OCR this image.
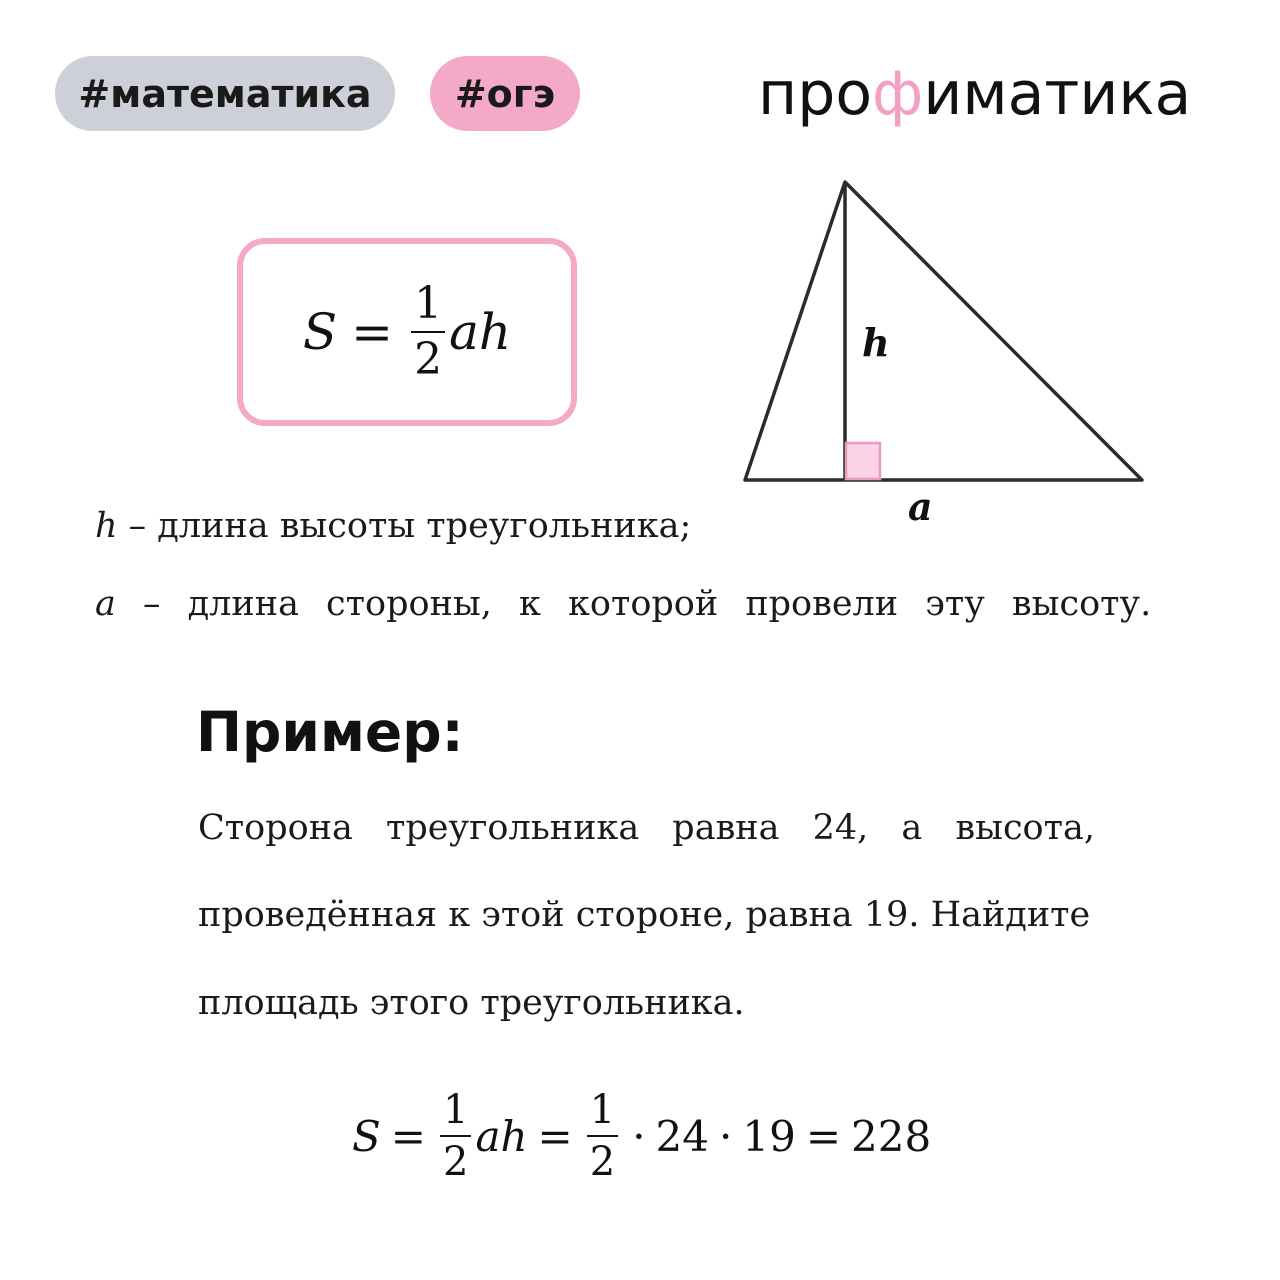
#математика	#огэ	про ф иматика
$S = \frac{1}{2}$ ah	h
a
h – длина высоты треугольника;
a – длина стороны, к которой провели эту высоту.
Пример:
Сторона треугольника равна 24, а высота,
проведённая к этой стороне, равна 19. Найдите
площадь этого треугольника.
$S = \frac{1}{2}$ ah = $\frac{1}{2} \cdot 24 \cdot 19 = 228$
